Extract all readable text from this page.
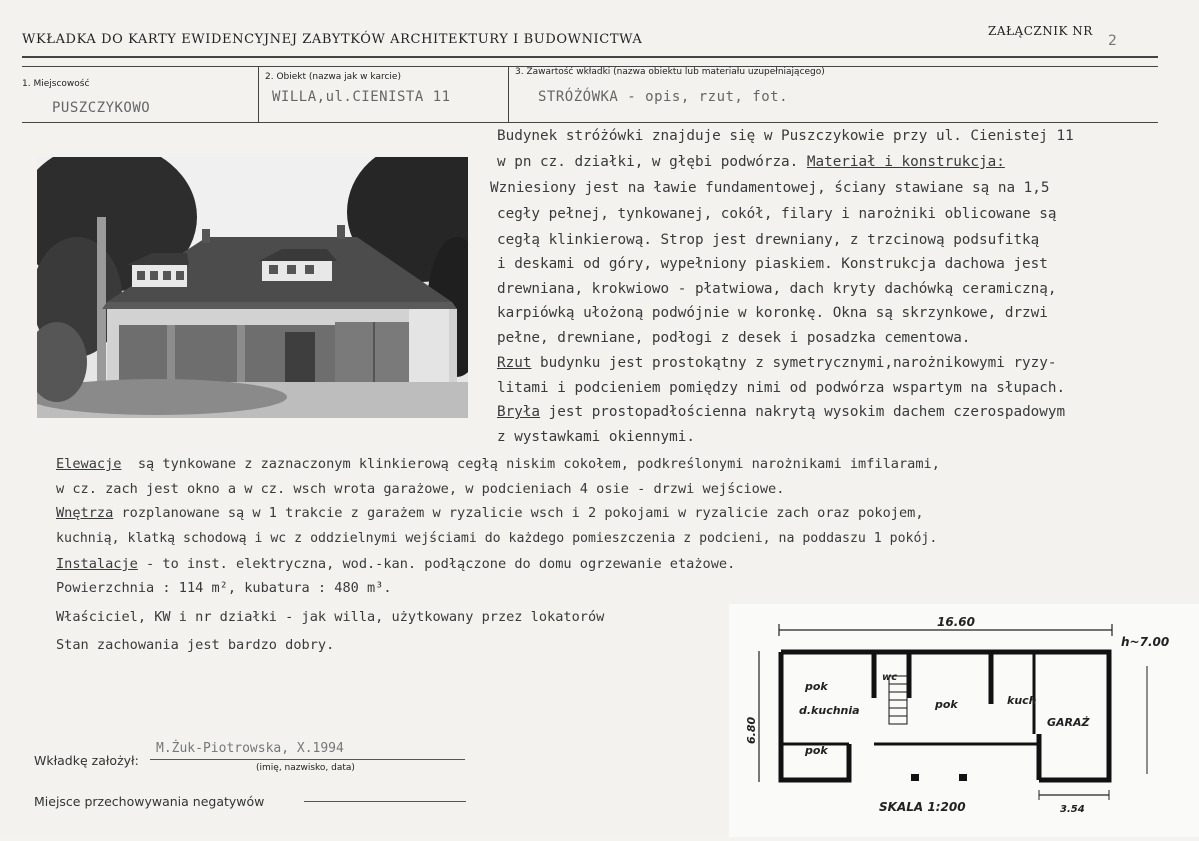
WKŁADKA DO KARTY EWIDENCYJNEJ ZABYTKÓW ARCHITEKTURY I BUDOWNICTWA
ZAŁĄCZNIK NR
2
1. Miejscowość
PUSZCZYKOWO
2. Obiekt (nazwa jak w karcie)
WILLA,ul.CIENISTA 11
3. Zawartość wkładki (nazwa obiektu lub materiału uzupełniającego)
STRÓŻÓWKA - opis, rzut, fot.
Budynek stróżówki znajduje się w Puszczykowie przy ul. Cienistej 11
w pn cz. działki, w głębi podwórza. Materiał i konstrukcja:
Wzniesiony jest na ławie fundamentowej, ściany stawiane są na 1,5
cegły pełnej, tynkowanej, cokół, filary i narożniki oblicowane są
cegłą klinkierową. Strop jest drewniany, z trzcinową podsufitką
i deskami od góry, wypełniony piaskiem. Konstrukcja dachowa jest
drewniana, krokwiowo - płatwiowa, dach kryty dachówką ceramiczną,
karpiówką ułożoną podwójnie w koronkę. Okna są skrzynkowe, drzwi
pełne, drewniane, podłogi z desek i posadzka cementowa.
Rzut budynku jest prostokątny z symetrycznymi,narożnikowymi ryzy-
litami i podcieniem pomiędzy nimi od podwórza wspartym na słupach.
Bryła jest prostopadłościenna nakrytą wysokim dachem czerospadowym
z wystawkami okiennymi.
Elewacje  są tynkowane z zaznaczonym klinkierową cegłą niskim cokołem, podkreślonymi narożnikami imfilarami,
w cz. zach jest okno a w cz. wsch wrota garażowe, w podcieniach 4 osie - drzwi wejściowe.
Wnętrza rozplanowane są w 1 trakcie z garażem w ryzalicie wsch i 2 pokojami w ryzalicie zach oraz pokojem,
kuchnią, klatką schodową i wc z oddzielnymi wejściami do każdego pomieszczenia z podcieni, na poddaszu 1 pokój.
Instalacje - to inst. elektryczna, wod.-kan. podłączone do domu ogrzewanie etażowe.
Powierzchnia : 114 m², kubatura : 480 m³.
Właściciel, KW i nr działki - jak willa, użytkowany przez lokatorów
Stan zachowania jest bardzo dobry.
16.60
h~7.00
6.80
pok
d.kuchnia
wc
pok	kuch
GARAŻ
pok
3.54
SKALA 1:200
Wkładkę założył:
M.Żuk-Piotrowska, X.1994
(imię, nazwisko, data)
Miejsce przechowywania negatywów
